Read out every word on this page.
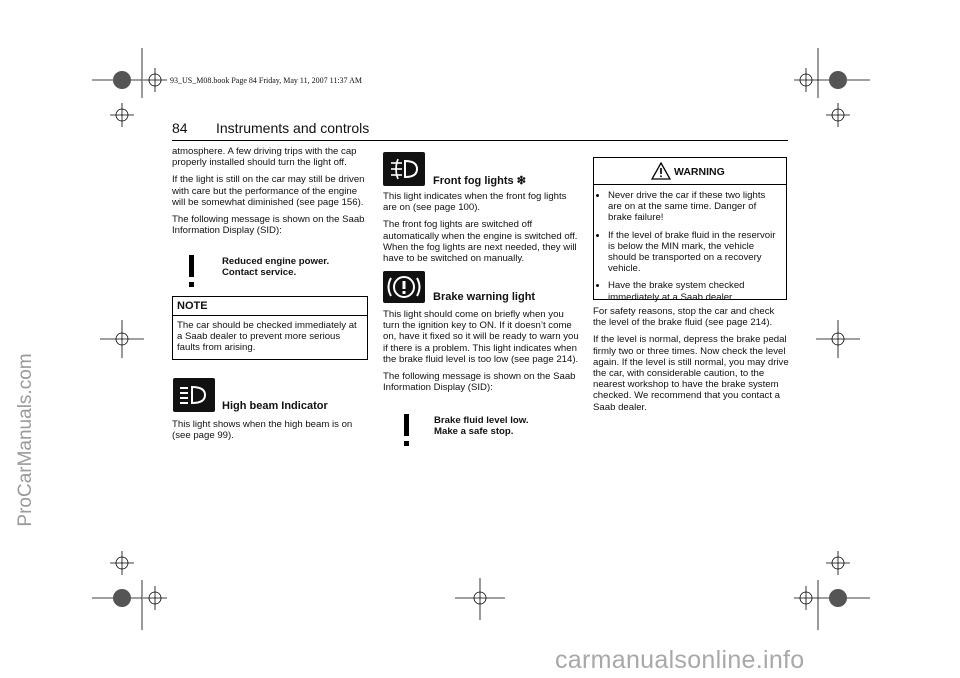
93_US_M08.book Page 84 Friday, May 11, 2007 11:37 AM
ProCarManuals.com
carmanualsonline.info
84 Instruments and controls

atmosphere. A few driving trips with the cap properly installed should turn the light off.

If the light is still on the car may still be driven with care but the performance of the engine will be somewhat diminished (see page 156).

The following message is shown on the Saab Information Display (SID):

Reduced engine power.
Contact service.
NOTE
The car should be checked immediately at a Saab dealer to prevent more serious faults from arising.
High beam Indicator
This light shows when the high beam is on (see page 99).
Front fog lights ❇

This light indicates when the front fog lights are on (see page 100).

The front fog lights are switched off automatically when the engine is switched off. When the fog lights are next needed, they will have to be switched on manually.

Brake warning light

This light should come on briefly when you turn the ignition key to ON. If it doesn’t come on, have it fixed so it will be ready to warn you if there is a problem. This light indicates when the brake fluid level is too low (see page 214).

The following message is shown on the Saab Information Display (SID):

Brake fluid level low.
Make a safe stop.
WARNING
• Never drive the car if these two lights are on at the same time. Danger of brake failure!
• If the level of brake fluid in the reservoir is below the MIN mark, the vehicle should be transported on a recovery vehicle.
• Have the brake system checked immediately at a Saab dealer.

For safety reasons, stop the car and check the level of the brake fluid (see page 214).

If the level is normal, depress the brake pedal firmly two or three times. Now check the level again. If the level is still normal, you may drive the car, with considerable caution, to the nearest workshop to have the brake system checked. We recommend that you contact a Saab dealer.
